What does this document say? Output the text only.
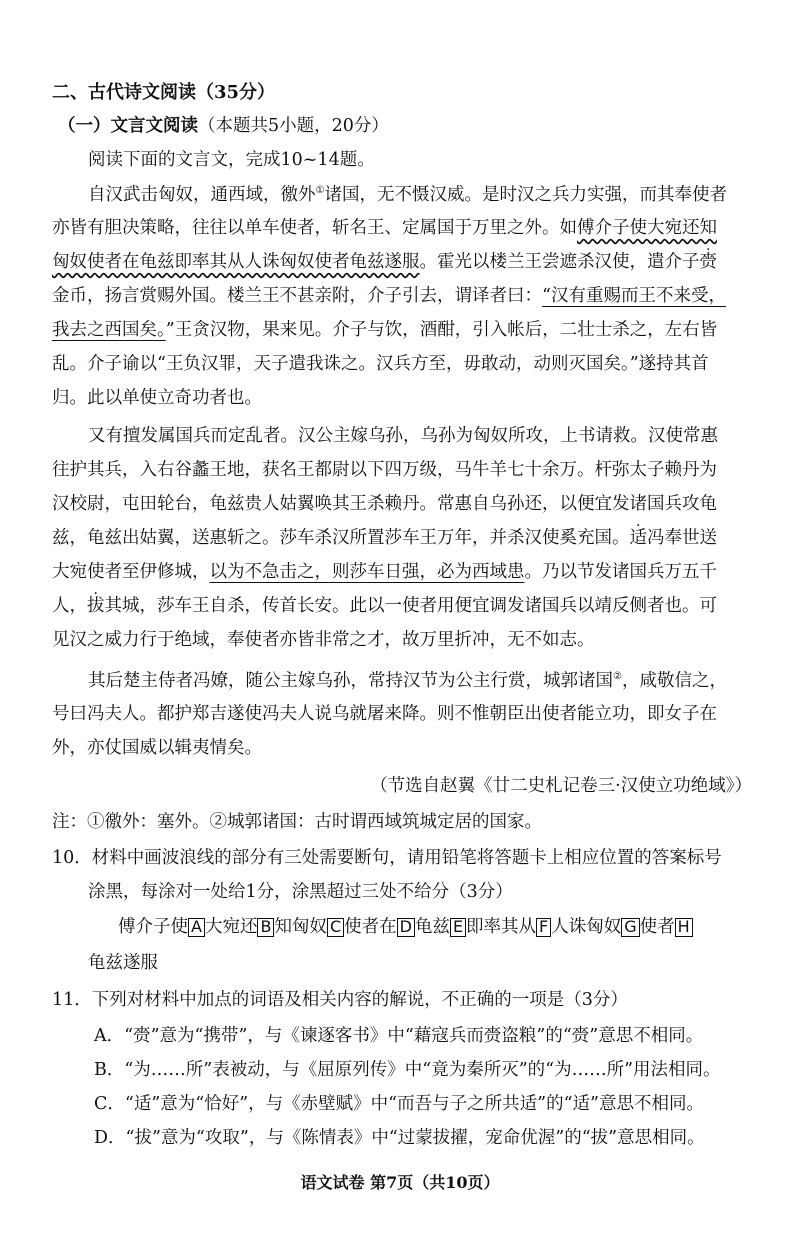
二、古代诗文阅读（35分）
（一）文言文阅读（本题共5小题，20分）
阅读下面的文言文，完成10~14题。
自汉武击匈奴，通西域，徼外①诸国，无不慑汉威。是时汉之兵力实强，而其奉使者
亦皆有胆决策略，往往以单车使者，斩名王、定属国于万里之外。如傅介子使大宛还知
匈奴使者在龟兹即率其从人诛匈奴使者龟兹遂服。霍光以楼兰王尝遮杀汉使，遣介子赍
金币，扬言赏赐外国。楼兰王不甚亲附，介子引去，谓译者曰：“汉有重赐而王不来受，
我去之西国矣。”王贪汉物，果来见。介子与饮，酒酣，引入帐后，二壮士杀之，左右皆
乱。介子谕以“王负汉罪，天子遣我诛之。汉兵方至，毋敢动，动则灭国矣。”遂持其首
归。此以单使立奇功者也。
又有擅发属国兵而定乱者。汉公主嫁乌孙，乌孙为匈奴所攻，上书请救。汉使常惠
往护其兵，入右谷蠡王地，获名王都尉以下四万级，马牛羊七十余万。杆弥太子赖丹为
汉校尉，屯田轮台，龟兹贵人姑翼唤其王杀赖丹。常惠自乌孙还，以便宜发诸国兵攻龟
兹，龟兹出姑翼，送惠斩之。莎车杀汉所置莎车王万年，并杀汉使奚充国。适冯奉世送
大宛使者至伊修城，以为不急击之，则莎车日强，必为西域患。乃以节发诸国兵万五千
人，拔其城，莎车王自杀，传首长安。此以一使者用便宜调发诸国兵以靖反侧者也。可
见汉之威力行于绝域，奉使者亦皆非常之才，故万里折冲，无不如志。
其后楚主侍者冯嫽，随公主嫁乌孙，常持汉节为公主行赏，城郭诸国②，咸敬信之，
号曰冯夫人。都护郑吉遂使冯夫人说乌就屠来降。则不惟朝臣出使者能立功，即女子在
外，亦仗国威以辑夷情矣。
（节选自赵翼《廿二史札记卷三·汉使立功绝域》）
注：①徼外：塞外。②城郭诸国：古时谓西域筑城定居的国家。
10．材料中画波浪线的部分有三处需要断句，请用铅笔将答题卡上相应位置的答案标号
涂黑，每涂对一处给1分，涂黑超过三处不给分（3分）
傅介子使 A 大宛还 B 知匈奴 C 使者在 D 龟兹 E 即率其从 F 人诛匈奴 G 使者 H
龟兹遂服
11．下列对材料中加点的词语及相关内容的解说，不正确的一项是（3分）
A．“赍”意为“携带”，与《谏逐客书》中“藉寇兵而赍盗粮”的“赍”意思不相同。
B．“为……所”表被动，与《屈原列传》中“竟为秦所灭”的“为……所”用法相同。
C．“适”意为“恰好”，与《赤壁赋》中“而吾与子之所共适”的“适”意思不相同。
D．“拔”意为“攻取”，与《陈情表》中“过蒙拔擢，宠命优渥”的“拔”意思相同。
语文试卷 第7页（共10页）
